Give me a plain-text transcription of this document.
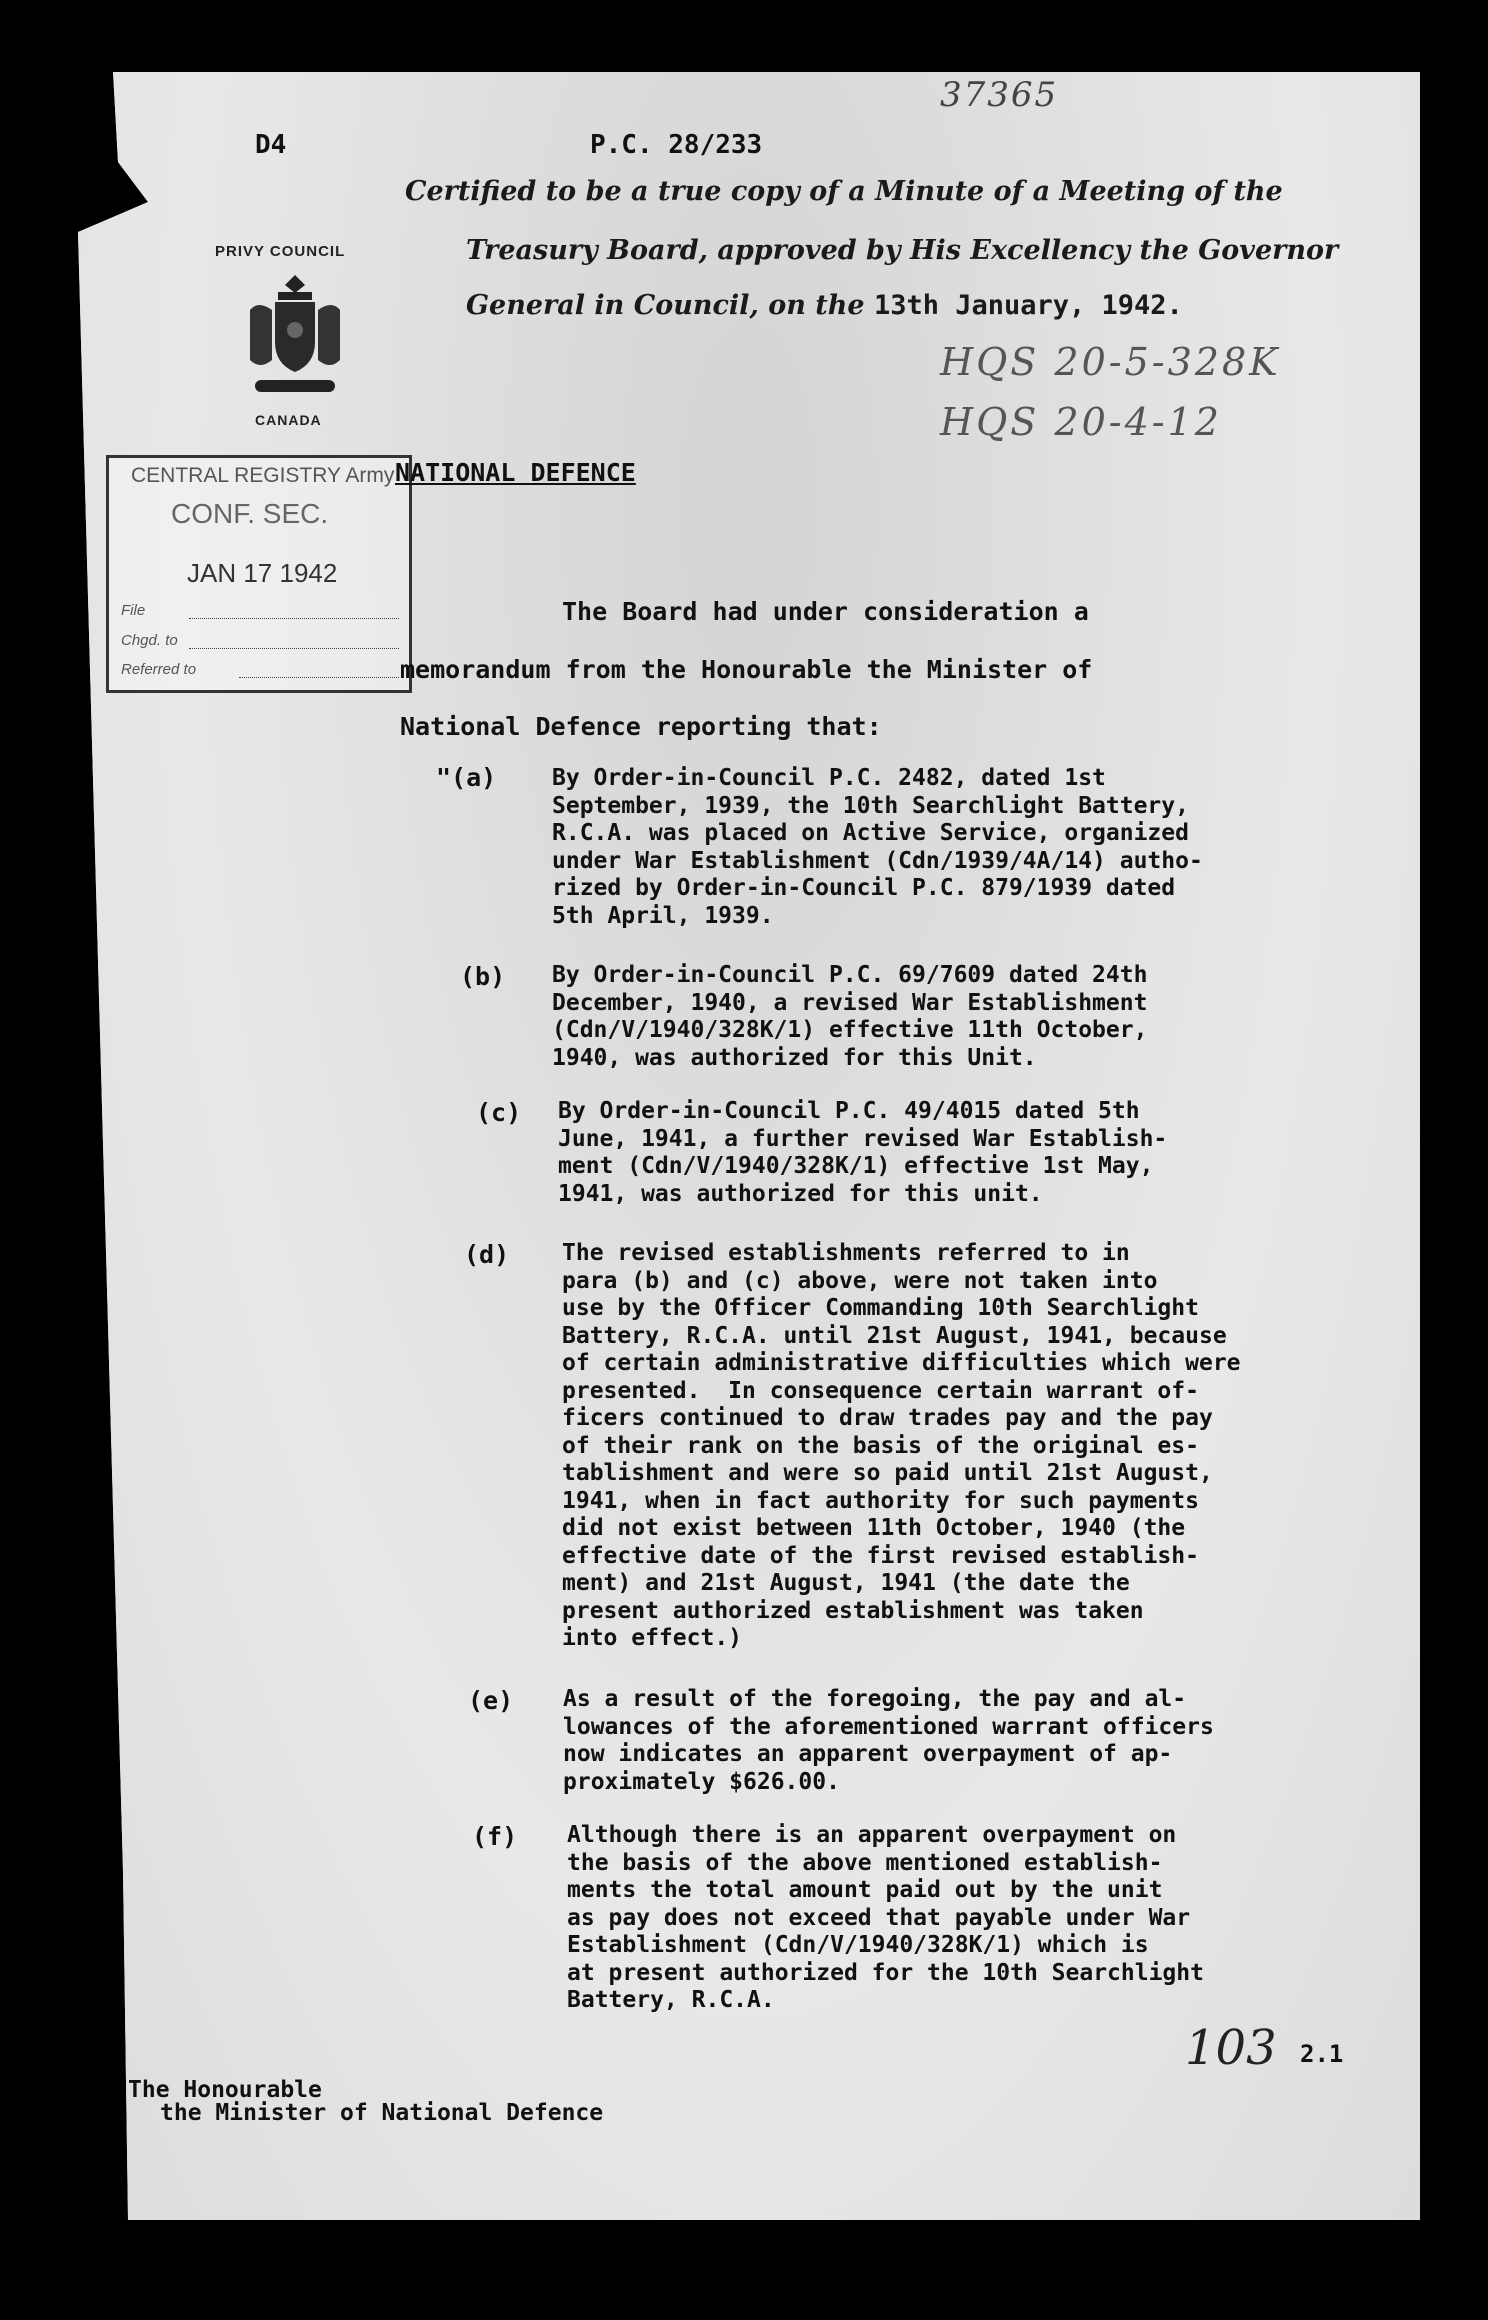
D4	P.C. 28/233
37365
Certified to be a true copy of a Minute of a Meeting of the
Treasury Board, approved by His Excellency the Governor
General in Council, on the 13th January, 1942.
PRIVY COUNCIL
CANADA
HQS 20-5-328K
HQS 20-4-12
CENTRAL REGISTRY Army
CONF. SEC.
JAN 17 1942
File
Chgd. to
Referred to
NATIONAL DEFENCE
The Board had under consideration a
memorandum from the Honourable the Minister of
National Defence reporting that:
"(a) By Order-in-Council P.C. 2482, dated 1st
September, 1939, the 10th Searchlight Battery,
R.C.A. was placed on Active Service, organized
under War Establishment (Cdn/1939/4A/14) autho-
rized by Order-in-Council P.C. 879/1939 dated
5th April, 1939.
(b) By Order-in-Council P.C. 69/7609 dated 24th
December, 1940, a revised War Establishment
(Cdn/V/1940/328K/1) effective 11th October,
1940, was authorized for this Unit.
(c) By Order-in-Council P.C. 49/4015 dated 5th
June, 1941, a further revised War Establish-
ment (Cdn/V/1940/328K/1) effective 1st May,
1941, was authorized for this unit.
(d) The revised establishments referred to in
para (b) and (c) above, were not taken into
use by the Officer Commanding 10th Searchlight
Battery, R.C.A. until 21st August, 1941, because
of certain administrative difficulties which were
presented.  In consequence certain warrant of-
ficers continued to draw trades pay and the pay
of their rank on the basis of the original es-
tablishment and were so paid until 21st August,
1941, when in fact authority for such payments
did not exist between 11th October, 1940 (the
effective date of the first revised establish-
ment) and 21st August, 1941 (the date the
present authorized establishment was taken
into effect.)
(e) As a result of the foregoing, the pay and al-
lowances of the aforementioned warrant officers
now indicates an apparent overpayment of ap-
proximately $626.00.
(f) Although there is an apparent overpayment on
the basis of the above mentioned establish-
ments the total amount paid out by the unit
as pay does not exceed that payable under War
Establishment (Cdn/V/1940/328K/1) which is
at present authorized for the 10th Searchlight
Battery, R.C.A.
103 2.1
The Honourable
the Minister of National Defence
